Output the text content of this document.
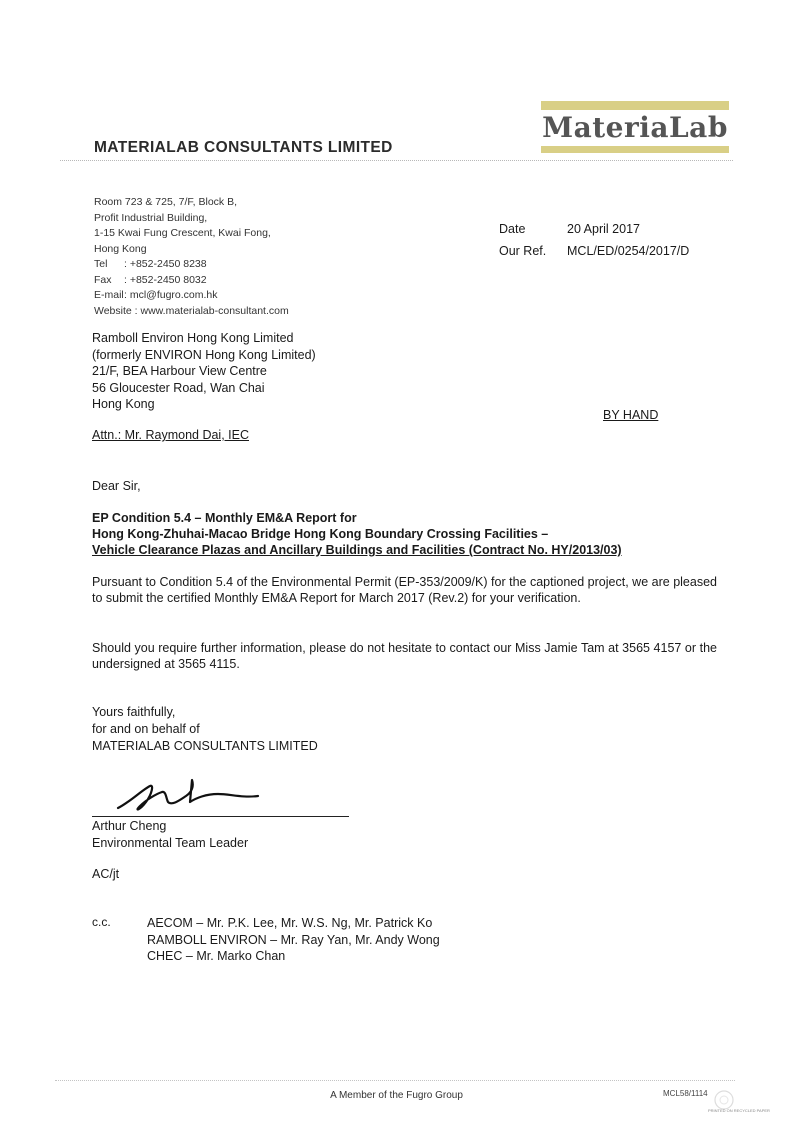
MATERIALAB CONSULTANTS LIMITED
MateriaLab
Room 723 & 725, 7/F, Block B,
Profit Industrial Building,
1-15 Kwai Fung Crescent, Kwai Fong,
Hong Kong
Tel	: +852-2450 8238
Fax	: +852-2450 8032
E-mail : mcl@fugro.com.hk
Website : www.materialab-consultant.com
Date	20 April 2017
Our Ref.	MCL/ED/0254/2017/D
Ramboll Environ Hong Kong Limited
(formerly ENVIRON Hong Kong Limited)
21/F, BEA Harbour View Centre
56 Gloucester Road, Wan Chai
Hong Kong
BY HAND
Attn.: Mr. Raymond Dai, IEC
Dear Sir,
EP Condition 5.4 – Monthly EM&A Report for
Hong Kong-Zhuhai-Macao Bridge Hong Kong Boundary Crossing Facilities –
Vehicle Clearance Plazas and Ancillary Buildings and Facilities (Contract No. HY/2013/03)
Pursuant to Condition 5.4 of the Environmental Permit (EP-353/2009/K) for the captioned project, we are pleased to submit the certified Monthly EM&A Report for March 2017 (Rev.2) for your verification.
Should you require further information, please do not hesitate to contact our Miss Jamie Tam at 3565 4157 or the undersigned at 3565 4115.
Yours faithfully,
for and on behalf of
MATERIALAB CONSULTANTS LIMITED
Arthur Cheng
Environmental Team Leader
AC/jt
c.c.	AECOM – Mr. P.K. Lee, Mr. W.S. Ng, Mr. Patrick Ko
RAMBOLL ENVIRON – Mr. Ray Yan, Mr. Andy Wong
CHEC – Mr. Marko Chan
A Member of the Fugro Group	MCL58/1114
PRINTED ON RECYCLED PAPER
